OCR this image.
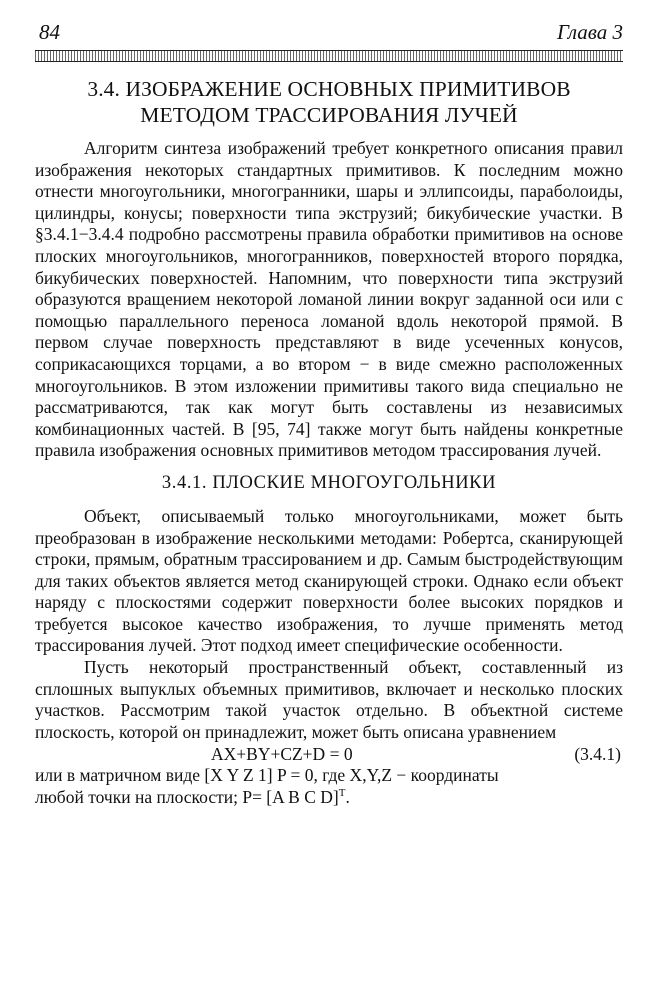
84	Глава 3
3.4. ИЗОБРАЖЕНИЕ ОСНОВНЫХ ПРИМИТИВОВ
МЕТОДОМ ТРАССИРОВАНИЯ ЛУЧЕЙ

Алгоритм синтеза изображений требует конкретного описания правил изображения некоторых стандартных примитивов. К последним можно отнести многоугольники, многогранники, шары и эллипсоиды, параболоиды, цилиндры, конусы; поверхности типа экструзий; бикубические участки. В §3.4.1−3.4.4 подробно рассмотрены правила обработки примитивов на основе плоских многоугольников, многогранников, поверхностей второго порядка, бикубических поверхностей. Напомним, что поверхности типа экструзий образуются вращением некоторой ломаной линии вокруг заданной оси или с помощью параллельного переноса ломаной вдоль некоторой прямой. В первом случае поверхность представляют в виде усеченных конусов, соприкасающихся торцами, а во втором − в виде смежно расположенных многоугольников. В этом изложении примитивы такого вида специально не рассматриваются, так как могут быть составлены из независимых комбинационных частей. В [95, 74] также могут быть найдены конкретные правила изображения основных примитивов методом трассирования лучей.

3.4.1. ПЛОСКИЕ МНОГОУГОЛЬНИКИ

Объект, описываемый только многоугольниками, может быть преобразован в изображение несколькими методами: Робертса, сканирующей строки, прямым, обратным трассированием и др. Самым быстродействующим для таких объектов является метод сканирующей строки. Однако если объект наряду с плоскостями содержит поверхности более высоких порядков и требуется высокое качество изображения, то лучше применять метод трассирования лучей. Этот подход имеет специфические особенности.

Пусть некоторый пространственный объект, составленный из сплошных выпуклых объемных примитивов, включает и несколько плоских участков. Рассмотрим такой участок отдельно. В объектной системе плоскость, которой он принадлежит, может быть описана уравнением

AX+BY+CZ+D = 0	(3.4.1)
или в матричном виде [X Y Z 1] P = 0, где X,Y,Z − координаты
любой точки на плоскости; P= [A B C D]$^T$.
